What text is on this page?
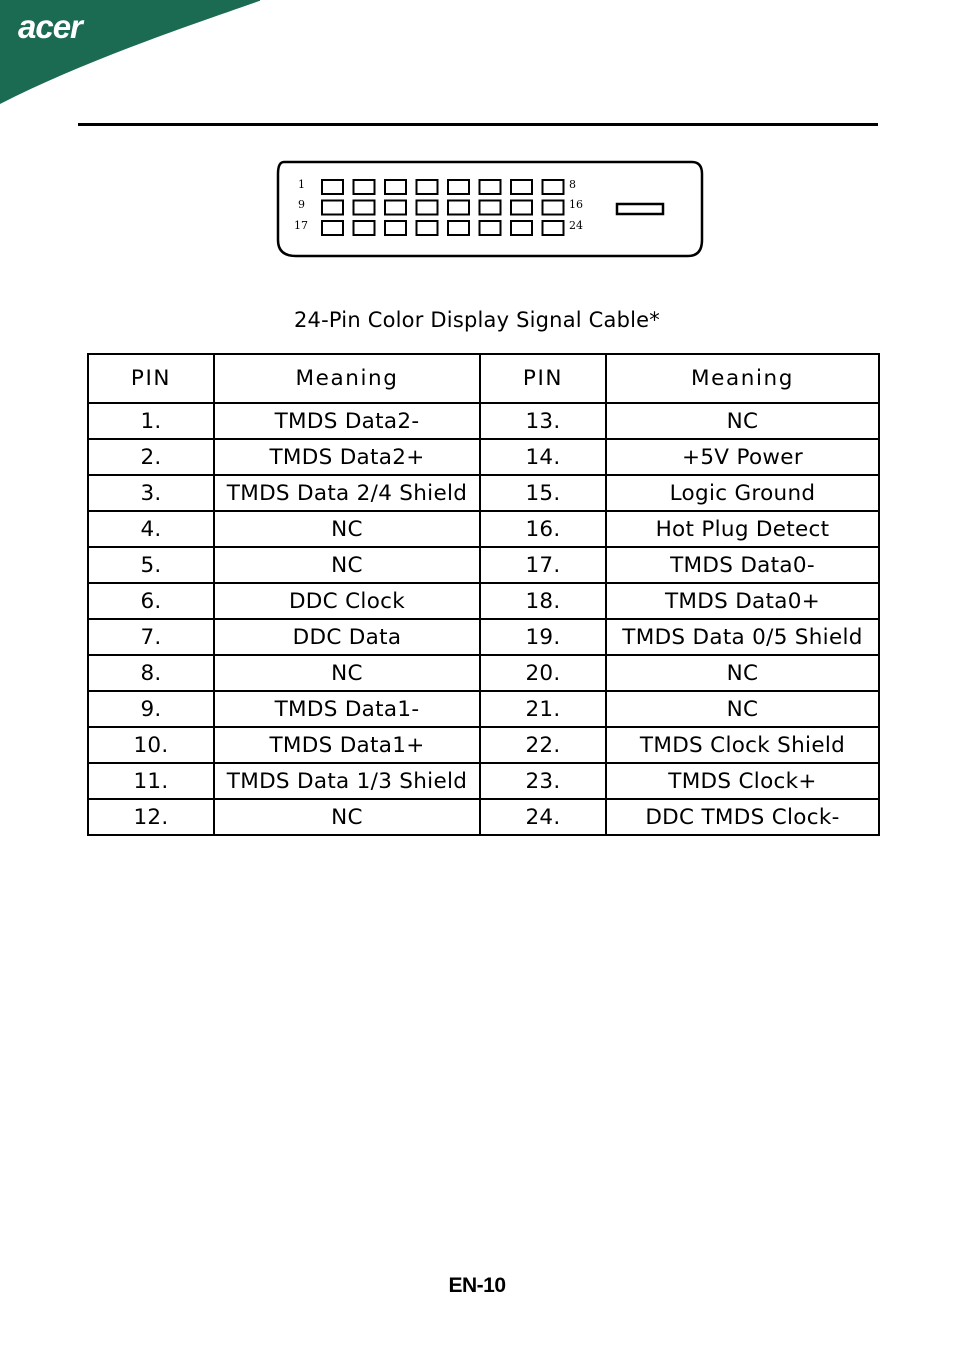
acer
1
9
17
8
16
24
24-Pin Color Display Signal Cable*
PIN	Meaning	PIN	Meaning
1.	TMDS Data2-	13.	NC
2.	TMDS Data2+	14.	+5V Power
3.	TMDS Data 2/4 Shield	15.	Logic Ground
4.	NC	16.	Hot Plug Detect
5.	NC	17.	TMDS Data0-
6.	DDC Clock	18.	TMDS Data0+
7.	DDC Data	19.	TMDS Data 0/5 Shield
8.	NC	20.	NC
9.	TMDS Data1-	21.	NC
10.	TMDS Data1+	22.	TMDS Clock Shield
11.	TMDS Data 1/3 Shield	23.	TMDS Clock+
12.	NC	24.	DDC TMDS Clock-
EN-10
